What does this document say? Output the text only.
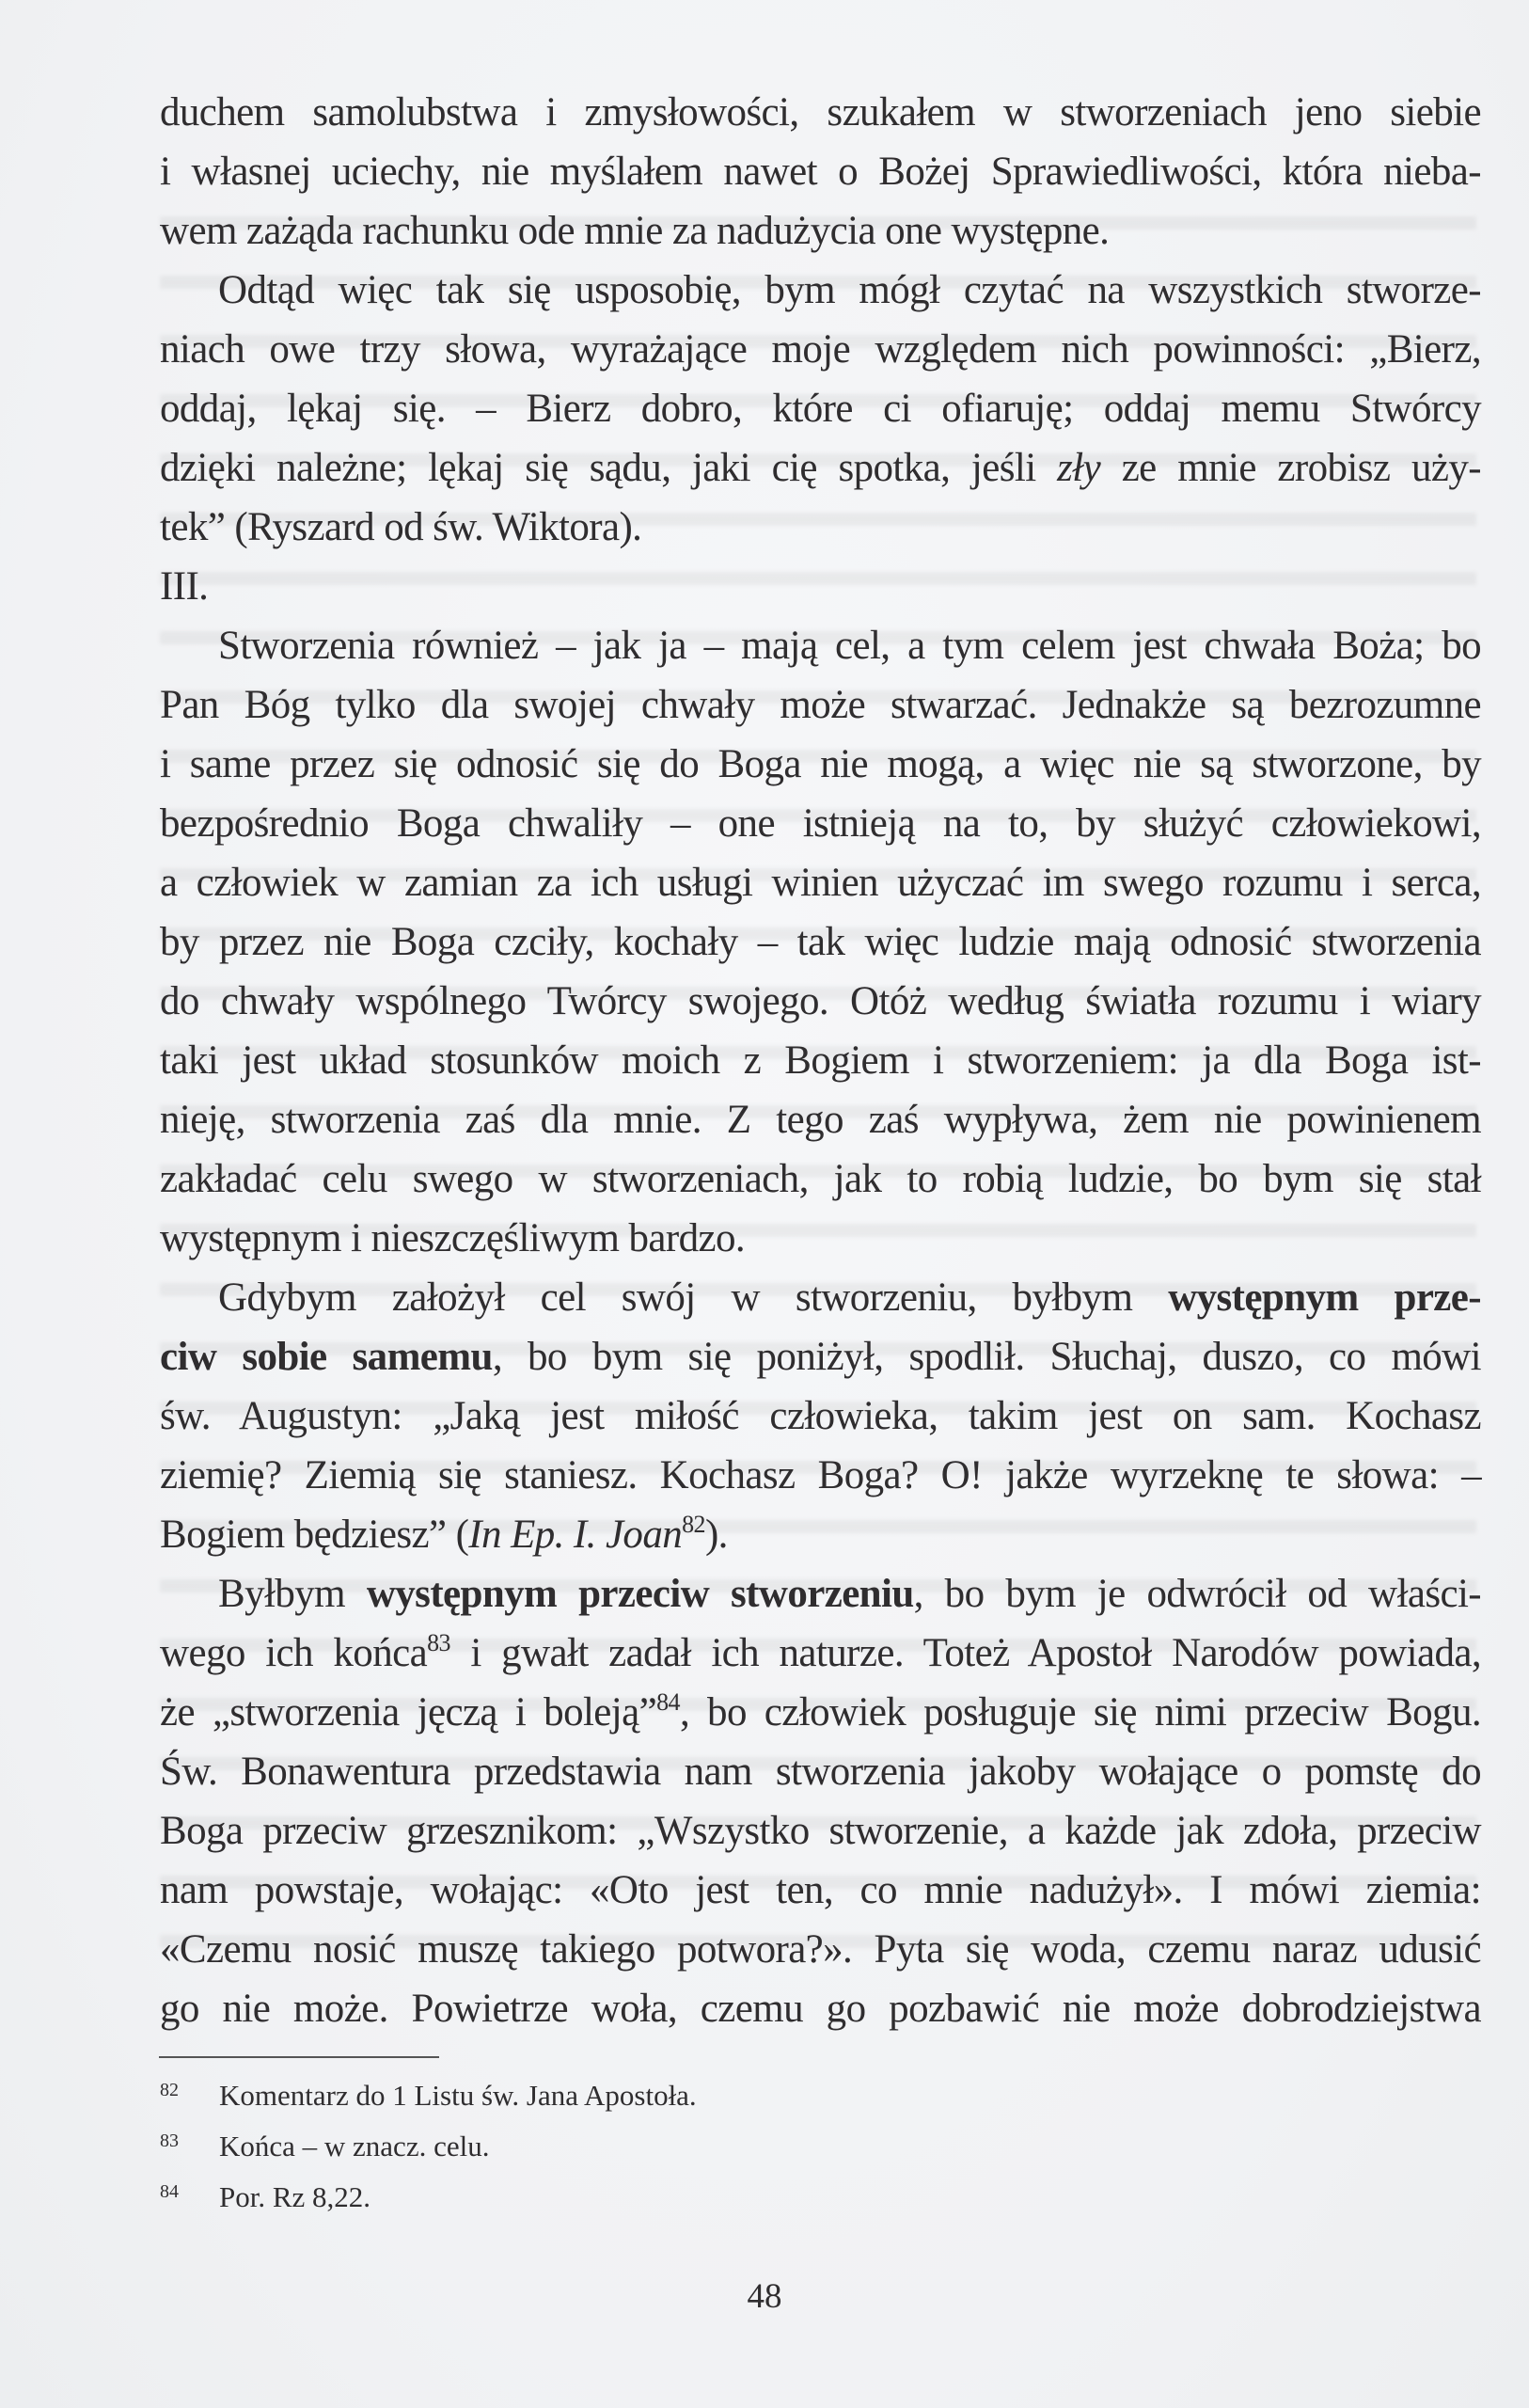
duchem samolubstwa i zmysłowości, szukałem w stworzeniach jeno siebie
i własnej uciechy, nie myślałem nawet o Bożej Sprawiedliwości, która nieba-
wem zażąda rachunku ode mnie za nadużycia one występne.
Odtąd więc tak się usposobię, bym mógł czytać na wszystkich stworze-
niach owe trzy słowa, wyrażające moje względem nich powinności: „Bierz,
oddaj, lękaj się. – Bierz dobro, które ci ofiaruję; oddaj memu Stwórcy
dzięki należne; lękaj się sądu, jaki cię spotka, jeśli zły ze mnie zrobisz uży-
tek” (Ryszard od św. Wiktora).
III.
Stworzenia również – jak ja – mają cel, a tym celem jest chwała Boża; bo
Pan Bóg tylko dla swojej chwały może stwarzać. Jednakże są bezrozumne
i same przez się odnosić się do Boga nie mogą, a więc nie są stworzone, by
bezpośrednio Boga chwaliły – one istnieją na to, by służyć człowiekowi,
a człowiek w zamian za ich usługi winien użyczać im swego rozumu i serca,
by przez nie Boga czciły, kochały – tak więc ludzie mają odnosić stworzenia
do chwały wspólnego Twórcy swojego. Otóż według światła rozumu i wiary
taki jest układ stosunków moich z Bogiem i stworzeniem: ja dla Boga ist-
nieję, stworzenia zaś dla mnie. Z tego zaś wypływa, żem nie powinienem
zakładać celu swego w stworzeniach, jak to robią ludzie, bo bym się stał
występnym i nieszczęśliwym bardzo.
Gdybym założył cel swój w stworzeniu, byłbym występnym prze-
ciw sobie samemu, bo bym się poniżył, spodlił. Słuchaj, duszo, co mówi
św. Augustyn: „Jaką jest miłość człowieka, takim jest on sam. Kochasz
ziemię? Ziemią się staniesz. Kochasz Boga? O! jakże wyrzeknę te słowa: –
Bogiem będziesz” (In Ep. I. Joan$^{82}$).
Byłbym występnym przeciw stworzeniu, bo bym je odwrócił od właści-
wego ich końca$^{83}$ i gwałt zadał ich naturze. Toteż Apostoł Narodów powiada,
że „stworzenia jęczą i boleją”$^{84}$, bo człowiek posługuje się nimi przeciw Bogu.
Św. Bonawentura przedstawia nam stworzenia jakoby wołające o pomstę do
Boga przeciw grzesznikom: „Wszystko stworzenie, a każde jak zdoła, przeciw
nam powstaje, wołając: «Oto jest ten, co mnie nadużył». I mówi ziemia:
«Czemu nosić muszę takiego potwora?». Pyta się woda, czemu naraz udusić
go nie może. Powietrze woła, czemu go pozbawić nie może dobrodziejstwa
82 Komentarz do 1 Listu św. Jana Apostoła.
83 Końca – w znacz. celu.
84 Por. Rz 8,22.
48
